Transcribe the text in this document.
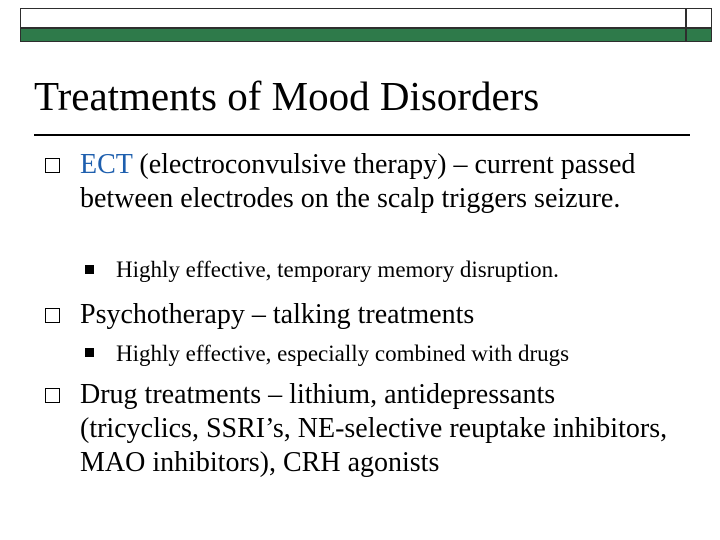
Treatments of Mood Disorders
ECT (electroconvulsive therapy) – current passed between electrodes on the scalp triggers seizure.
Highly effective, temporary memory disruption.
Psychotherapy – talking treatments
Highly effective, especially combined with drugs
Drug treatments – lithium, antidepressants (tricyclics, SSRI’s, NE-selective reuptake inhibitors, MAO inhibitors), CRH agonists
